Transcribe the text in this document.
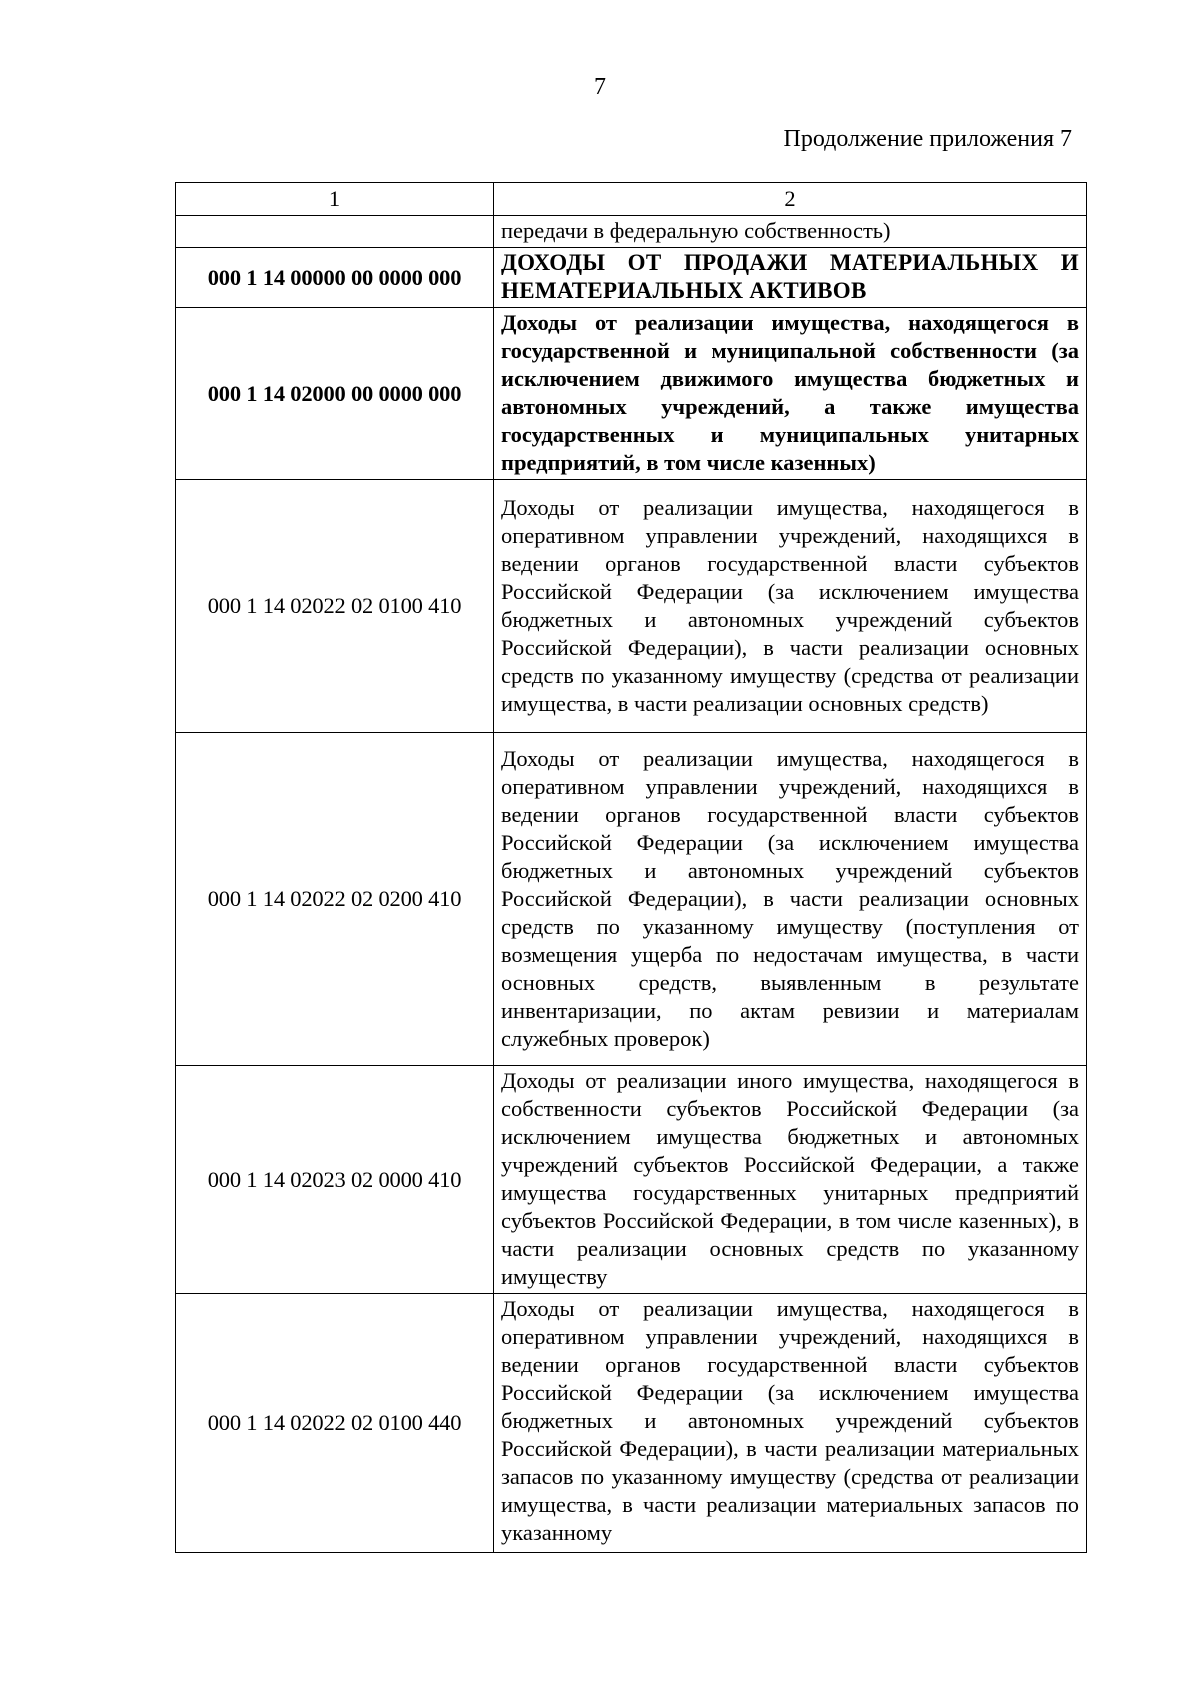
7
Продолжение приложения 7
1	2
	передачи в федеральную собственность)
000 1 14 00000 00 0000 000	ДОХОДЫ ОТ ПРОДАЖИ МАТЕРИАЛЬНЫХ И НЕМАТЕРИАЛЬНЫХ АКТИВОВ
000 1 14 02000 00 0000 000	Доходы от реализации имущества, находящегося в государственной и муниципальной собственности (за исключением движимого имущества бюджетных и автономных учреждений, а также имущества государственных и муниципальных унитарных предприятий, в том числе казенных)
000 1 14 02022 02 0100 410	Доходы от реализации имущества, находящегося в оперативном управлении учреждений, находящихся в ведении органов государственной власти субъектов Российской Федерации (за исключением имущества бюджетных и автономных учреждений субъектов Российской Федерации), в части реализации основных средств по указанному имуществу (средства от реализации имущества, в части реализации основных средств)
000 1 14 02022 02 0200 410	Доходы от реализации имущества, находящегося в оперативном управлении учреждений, находящихся в ведении органов государственной власти субъектов Российской Федерации (за исключением имущества бюджетных и автономных учреждений субъектов Российской Федерации), в части реализации основных средств по указанному имуществу (поступления от возмещения ущерба по недостачам имущества, в части основных средств, выявленным в результате инвентаризации, по актам ревизии и материалам служебных проверок)
000 1 14 02023 02 0000 410	Доходы от реализации иного имущества, находящегося в собственности субъектов Российской Федерации (за исключением имущества бюджетных и автономных учреждений субъектов Российской Федерации, а также имущества государственных унитарных предприятий субъектов Российской Федерации, в том числе казенных), в части реализации основных средств по указанному имуществу
000 1 14 02022 02 0100 440	Доходы от реализации имущества, находящегося в оперативном управлении учреждений, находящихся в ведении органов государственной власти субъектов Российской Федерации (за исключением имущества бюджетных и автономных учреждений субъектов Российской Федерации), в части реализации материальных запасов по указанному имуществу (средства от реализации имущества, в части реализации материальных запасов по указанному
